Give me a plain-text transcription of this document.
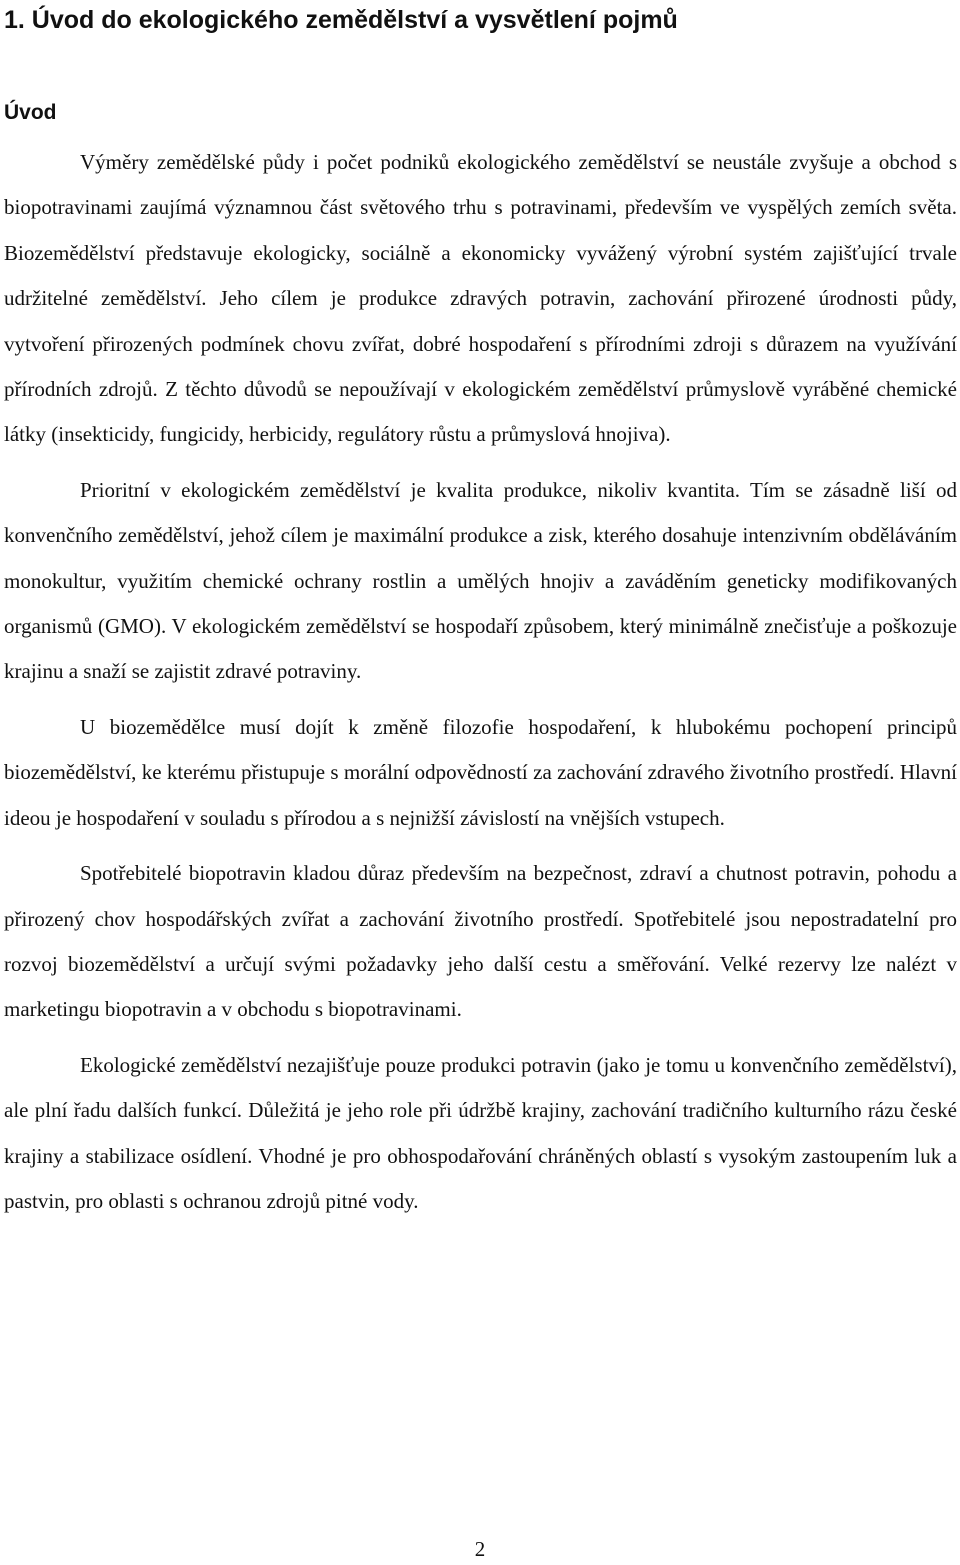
1. Úvod do ekologického zemědělství a vysvětlení pojmů
Úvod

Výměry zemědělské půdy i počet podniků ekologického zemědělství se neustále zvyšuje a obchod s biopotravinami zaujímá významnou část světového trhu s potravinami, především ve vyspělých zemích světa. Biozemědělství představuje ekologicky, sociálně a ekonomicky vyvážený výrobní systém zajišťující trvale udržitelné zemědělství. Jeho cílem je produkce zdravých potravin, zachování přirozené úrodnosti půdy, vytvoření přirozených podmínek chovu zvířat, dobré hospodaření s přírodními zdroji s důrazem na využívání přírodních zdrojů. Z těchto důvodů se nepoužívají v ekologickém zemědělství průmyslově vyráběné chemické látky (insekticidy, fungicidy, herbicidy, regulátory růstu a průmyslová hnojiva).

Prioritní v ekologickém zemědělství je kvalita produkce, nikoliv kvantita. Tím se zásadně liší od konvenčního zemědělství, jehož cílem je maximální produkce a zisk, kterého dosahuje intenzivním obděláváním monokultur, využitím chemické ochrany rostlin a umělých hnojiv a zaváděním geneticky modifikovaných organismů (GMO). V ekologickém zemědělství se hospodaří způsobem, který minimálně znečisťuje a poškozuje krajinu a snaží se zajistit zdravé potraviny.

U biozemědělce musí dojít k změně filozofie hospodaření, k hlubokému pochopení principů biozemědělství, ke kterému přistupuje s morální odpovědností za zachování zdravého životního prostředí. Hlavní ideou je hospodaření v souladu s přírodou a s nejnižší závislostí na vnějších vstupech.

Spotřebitelé biopotravin kladou důraz především na bezpečnost, zdraví a chutnost potravin, pohodu a přirozený chov hospodářských zvířat a zachování životního prostředí. Spotřebitelé jsou nepostradatelní pro rozvoj biozemědělství a určují svými požadavky jeho další cestu a směřování. Velké rezervy lze nalézt v marketingu biopotravin a v obchodu s biopotravinami.

Ekologické zemědělství nezajišťuje pouze produkci potravin (jako je tomu u konvenčního zemědělství), ale plní řadu dalších funkcí. Důležitá je jeho role při údržbě krajiny, zachování tradičního kulturního rázu české krajiny a stabilizace osídlení. Vhodné je pro obhospodařování chráněných oblastí s vysokým zastoupením luk a pastvin, pro oblasti s ochranou zdrojů pitné vody.

2
